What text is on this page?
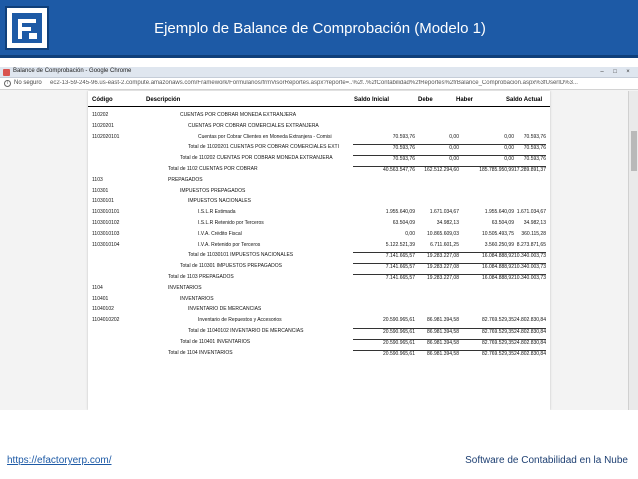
Ejemplo de Balance de Comprobación (Modelo 1)
Balance de Comprobación - Google Chrome	–	□	×
i No seguro ec2-13-59-245-96.us-east-2.compute.amazonaws.com/Framework/Formularios/frmVisorReportes.aspx?reporte=..%2f..%2fContabilidad%2fReportes%2frBalance_Comprobacion.aspx%3fUserID%3...
Código	Descripción	Saldo Inicial	Debe	Haber	Saldo Actual
110202	CUENTAS POR COBRAR MONEDA EXTRANJERA
11020201	CUENTAS POR COBRAR COMERCIALES EXTRANJERA
1102020101	Cuentas por Cobrar Clientes en Moneda Extranjera - Comisi	70.593,76	0,00	0,00	70.593,76
Total de 11020201 CUENTAS POR COBRAR COMERCIALES EXTI	70.593,76	0,00	0,00	70.593,76
Total de 110202 CUENTAS POR COBRAR MONEDA EXTRANJERA	70.593,76	0,00	0,00	70.593,76
Total de 1102 CUENTAS POR COBRAR	40.563.547,76	162.512.294,60	185.785.950,99 17.289.891,37
1103	PREPAGADOS
110301	IMPUESTOS PREPAGADOS
11030101	IMPUESTOS NACIONALES
1103010101	I.S.L.R Estimada	1.955.640,09	1.671.034,67	1.955.640,09 1.671.034,67
1103010102	I.S.L.R Retenido por Terceros	63.504,09	34.982,13	63.504,09	34.982,13
1103010103	I.V.A. Crédito Fiscal	0,00	10.865.609,03	10.505.493,75	360.115,28
1103010104	I.V.A. Retenido por Terceros	5.122.521,39	6.711.601,25	3.560.250,99 8.273.871,65
Total de 11030101 IMPUESTOS NACIONALES	7.141.665,57	19.283.227,08	16.084.888,92 10.340.003,73
Total de 110301 IMPUESTOS PREPAGADOS	7.141.665,57	19.283.227,08	16.084.888,92 10.340.003,73
Total de 1103 PREPAGADOS	7.141.665,57	19.283.227,08	16.084.888,92 10.340.003,73
1104	INVENTARIOS
110401	INVENTARIOS
11040102	INVENTARIO DE MERCANCIAS
1104010202	Inventario de Repuestos y Accesorios	20.590.965,61	86.981.394,58	82.769.529,35 24.802.830,84
Total de 11040102 INVENTARIO DE MERCANCIAS	20.590.965,61	86.981.394,58	82.769.529,35 24.802.830,84
Total de 110401 INVENTARIOS	20.590.965,61	86.981.394,58	82.769.529,35 24.802.830,84
Total de 1104 INVENTARIOS	20.590.965,61	86.981.394,58	82.769.529,35 24.802.830,84
https://efactoryerp.com/	Software de Contabilidad en la Nube
